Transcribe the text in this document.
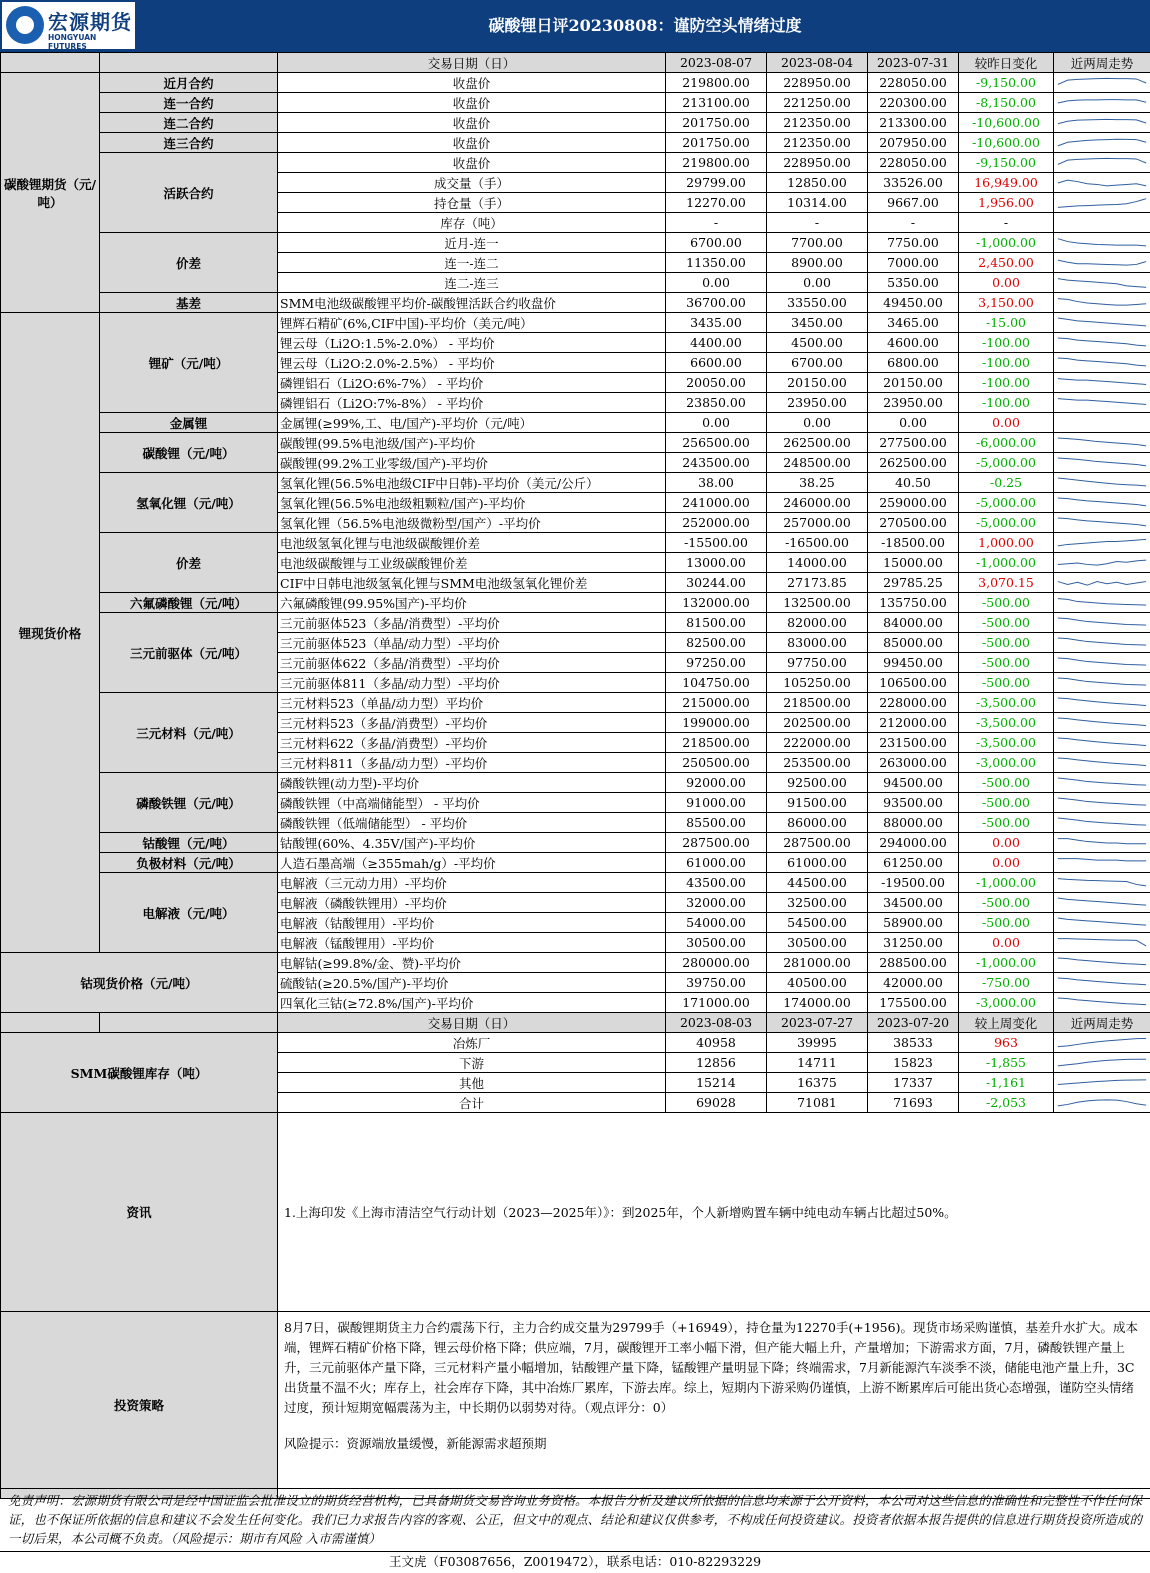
宏源期货
HONGYUAN FUTURES
碳酸锂日评20230808：谨防空头情绪过度
		交易日期（日）	2023-08-07	2023-08-04	2023-07-31	较昨日变化	近两周走势
碳酸锂期货（元/吨）	近月合约	收盘价	219800.00	228950.00	228050.00	-9,150.00	

	连一合约	收盘价	213100.00	221250.00	220300.00	-8,150.00	

	连二合约	收盘价	201750.00	212350.00	213300.00	-10,600.00	

	连三合约	收盘价	201750.00	212350.00	207950.00	-10,600.00	

	活跃合约	收盘价	219800.00	228950.00	228050.00	-9,150.00	

		成交量（手）	29799.00	12850.00	33526.00	16,949.00	

		持仓量（手）	12270.00	10314.00	9667.00	1,956.00	

		库存（吨）	-	-	-	-	
	价差	近月-连一	6700.00	7700.00	7750.00	-1,000.00	

		连一-连二	11350.00	8900.00	7000.00	2,450.00	

		连二-连三	0.00	0.00	5350.00	0.00	

	基差	SMM电池级碳酸锂平均价-碳酸锂活跃合约收盘价	36700.00	33550.00	49450.00	3,150.00	

锂现货价格	锂矿（元/吨）	锂辉石精矿(6%,CIF中国)-平均价（美元/吨）	3435.00	3450.00	3465.00	-15.00	

		锂云母（Li2O:1.5%-2.0%） - 平均价	4400.00	4500.00	4600.00	-100.00	

		锂云母（Li2O:2.0%-2.5%） - 平均价	6600.00	6700.00	6800.00	-100.00	

		磷锂铝石（Li2O:6%-7%） - 平均价	20050.00	20150.00	20150.00	-100.00	

		磷锂铝石（Li2O:7%-8%） - 平均价	23850.00	23950.00	23950.00	-100.00	

	金属锂	金属锂(≥99%,工、电/国产)-平均价（元/吨）	0.00	0.00	0.00	0.00	
	碳酸锂（元/吨）	碳酸锂(99.5%电池级/国产)-平均价	256500.00	262500.00	277500.00	-6,000.00	

		碳酸锂(99.2%工业零级/国产)-平均价	243500.00	248500.00	262500.00	-5,000.00	

	氢氧化锂（元/吨）	氢氧化锂(56.5%电池级CIF中日韩)-平均价（美元/公斤）	38.00	38.25	40.50	-0.25	

		氢氧化锂(56.5%电池级粗颗粒/国产)-平均价	241000.00	246000.00	259000.00	-5,000.00	

		氢氧化锂（56.5%电池级微粉型/国产）-平均价	252000.00	257000.00	270500.00	-5,000.00	

	价差	电池级氢氧化锂与电池级碳酸锂价差	-15500.00	-16500.00	-18500.00	1,000.00	

		电池级碳酸锂与工业级碳酸锂价差	13000.00	14000.00	15000.00	-1,000.00	

		CIF中日韩电池级氢氧化锂与SMM电池级氢氧化锂价差	30244.00	27173.85	29785.25	3,070.15	

	六氟磷酸锂（元/吨）	六氟磷酸锂(99.95%国产)-平均价	132000.00	132500.00	135750.00	-500.00	

	三元前驱体（元/吨）	三元前驱体523（多晶/消费型）-平均价	81500.00	82000.00	84000.00	-500.00	

		三元前驱体523（单晶/动力型）-平均价	82500.00	83000.00	85000.00	-500.00	

		三元前驱体622（多晶/消费型）-平均价	97250.00	97750.00	99450.00	-500.00	

		三元前驱体811（多晶/动力型）-平均价	104750.00	105250.00	106500.00	-500.00	

	三元材料（元/吨）	三元材料523（单晶/动力型）平均价	215000.00	218500.00	228000.00	-3,500.00	

		三元材料523（多晶/消费型）-平均价	199000.00	202500.00	212000.00	-3,500.00	

		三元材料622（多晶/消费型）-平均价	218500.00	222000.00	231500.00	-3,500.00	

		三元材料811（多晶/动力型）-平均价	250500.00	253500.00	263000.00	-3,000.00	

	磷酸铁锂（元/吨）	磷酸铁锂(动力型)-平均价	92000.00	92500.00	94500.00	-500.00	

		磷酸铁锂（中高端储能型） - 平均价	91000.00	91500.00	93500.00	-500.00	

		磷酸铁锂（低端储能型） - 平均价	85500.00	86000.00	88000.00	-500.00	

	钴酸锂（元/吨）	钴酸锂(60%、4.35V/国产)-平均价	287500.00	287500.00	294000.00	0.00	

	负极材料（元/吨）	人造石墨高端（≥355mah/g）-平均价	61000.00	61000.00	61250.00	0.00	

	电解液（元/吨）	电解液（三元动力用）-平均价	43500.00	44500.00	-19500.00	-1,000.00	

		电解液（磷酸铁锂用）-平均价	32000.00	32500.00	34500.00	-500.00	

		电解液（钴酸锂用）-平均价	54000.00	54500.00	58900.00	-500.00	

		电解液（锰酸锂用）-平均价	30500.00	30500.00	31250.00	0.00	

钴现货价格（元/吨）		电解钴(≥99.8%/金、赞)-平均价	280000.00	281000.00	288500.00	-1,000.00	

		硫酸钴(≥20.5%/国产)-平均价	39750.00	40500.00	42000.00	-750.00	

		四氧化三钴(≥72.8%/国产)-平均价	171000.00	174000.00	175500.00	-3,000.00	

		交易日期（日）	2023-08-03	2023-07-27	2023-07-20	较上周变化	近两周走势
SMM碳酸锂库存（吨）		冶炼厂	40958	39995	38533	963	

		下游	12856	14711	15823	-1,855	

		其他	15214	16375	17337	-1,161	

		合计	69028	71081	71693	-2,053	

资讯		1.上海印发《上海市清洁空气行动计划（2023—2025年）》：到2025年，个人新增购置车辆中纯电动车辆占比超过50%。					
投资策略		8月7日，碳酸锂期货主力合约震荡下行，主力合约成交量为29799手（+16949），持仓量为12270手(+1956)。现货市场采购谨慎，基差升水扩大。成本端，锂辉石精矿价格下降，锂云母价格下降；供应端，7月，碳酸锂开工率小幅下滑，但产能大幅上升，产量增加；下游需求方面，7月，磷酸铁锂产量上升，三元前驱体产量下降，三元材料产量小幅增加，钴酸锂产量下降，锰酸锂产量明显下降；终端需求，7月新能源汽车淡季不淡，储能电池产量上升，3C出货量不温不火；库存上，社会库存下降，其中冶炼厂累库，下游去库。综上，短期内下游采购仍谨慎，上游不断累库后可能出货心态增强，谨防空头情绪过度，预计短期宽幅震荡为主，中长期仍以弱势对待。（观点评分：0）

风险提示：资源端放量缓慢，新能源需求超预期					

免责声明：宏源期货有限公司是经中国证监会批准设立的期货经营机构，已具备期货交易咨询业务资格。本报告分析及建议所依据的信息均来源于公开资料，本公司对这些信息的准确性和完整性不作任何保证，也不保证所依据的信息和建议不会发生任何变化。我们已力求报告内容的客观、公正，但文中的观点、结论和建议仅供参考，不构成任何投资建议。投资者依据本报告提供的信息进行期货投资所造成的一切后果，本公司概不负责。（风险提示：期市有风险 入市需谨慎）
王文虎（F03087656，Z0019472），联系电话：010-82293229
